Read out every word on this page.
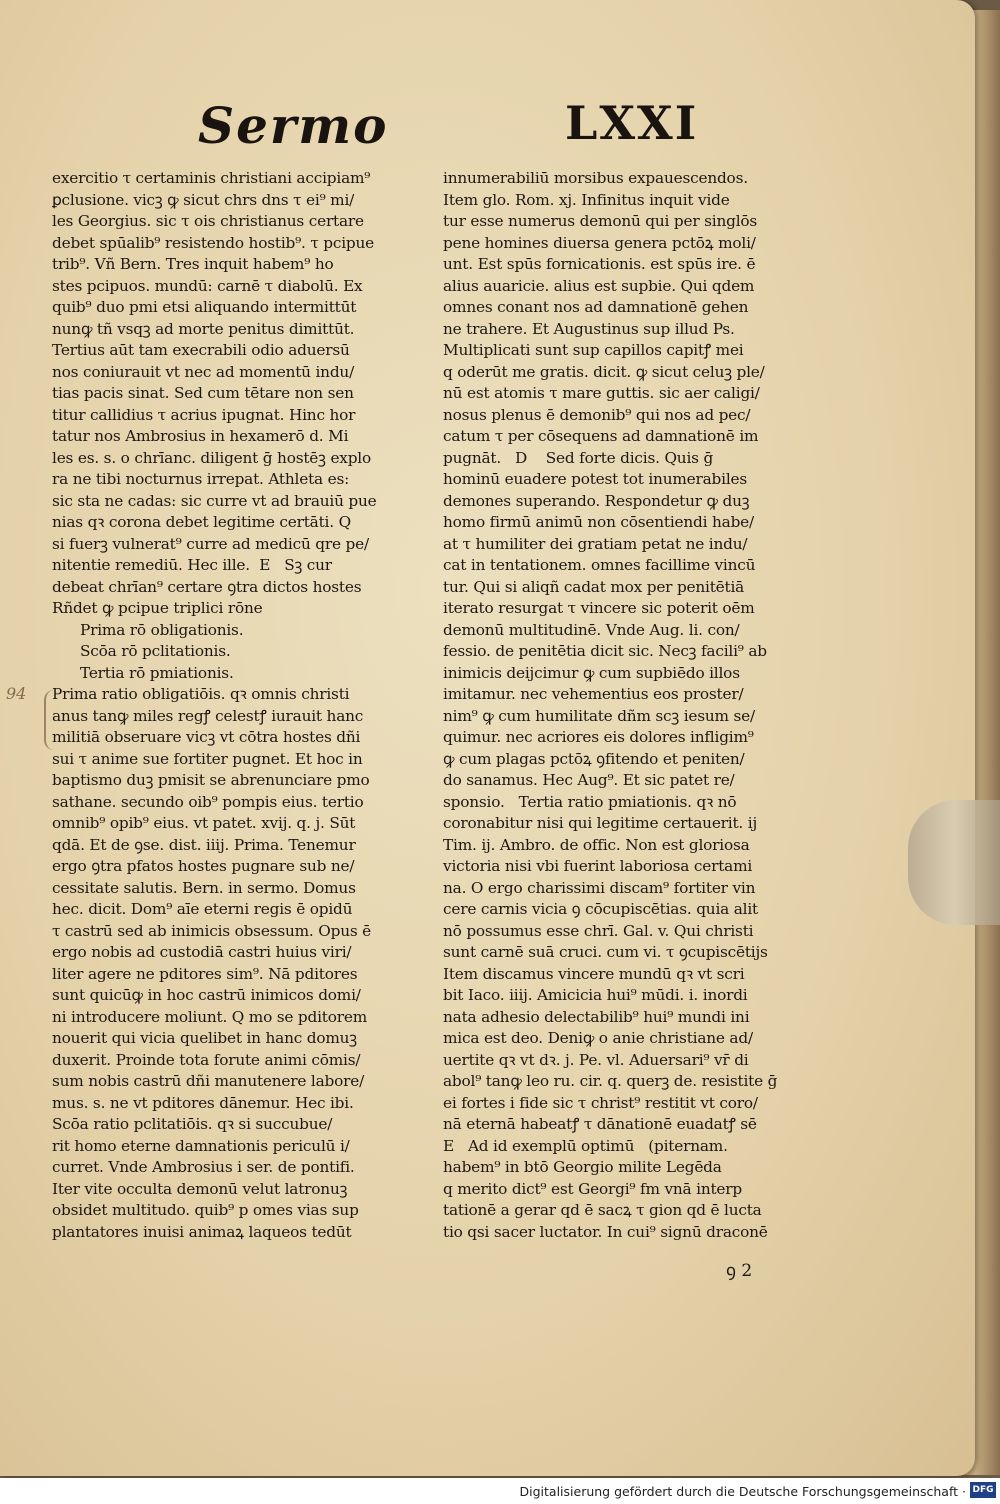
Sermo	LXXI
94
exercitio τ certaminis christiani accipiam⁹
ꝑclusione. vicꝫ ꝙ sicut chrs dns τ ei⁹ mi/
les Georgius. sic τ ois christianus certare
debet spūalib⁹ resistendo hostib⁹. τ pcipue
trib⁹. Vñ Bern. Tres inquit habem⁹ ho
stes pcipuos. mundū: carnē τ diabolū. Ex
quib⁹ duo pmi etsi aliquando intermittūt
nunꝙ tñ vsqꝫ ad morte penitus dimittūt.
Tertius aūt tam execrabili odio aduersū
nos coniurauit vt nec ad momentū indu/
tias pacis sinat. Sed cum tētare non sen
titur callidius τ acrius ipugnat. Hinc hor
tatur nos Ambrosius in hexamerō d. Mi
les es. s. o chrīanc. diligent ḡ hostēꝫ explo
ra ne tibi nocturnus irrepat. Athleta es:
sic sta ne cadas: sic curre vt ad brauiū pue
nias qꝛ corona debet legitime certāti. Q
si fuerꝫ vulnerat⁹ curre ad medicū qre pe/
nitentie remediū. Hec ille.  E   Sꝫ cur
debeat chrīan⁹ certare ꝯtra dictos hostes
Rñdet ꝙ pcipue triplici rōne
Prima rō obligationis.
Scōa rō pclitationis.
Tertia rō pmiationis.
Prima ratio obligatiōis. qꝛ omnis christi
anus tanꝙ miles regꝭ celestꝭ iurauit hanc
militiā obseruare vicꝫ vt cōtra hostes dñi
sui τ anime sue fortiter pugnet. Et hoc in
baptismo duꝫ pmisit se abrenunciare pmo
sathane. secundo oib⁹ pompis eius. tertio
omnib⁹ opib⁹ eius. vt patet. xvij. q. j. Sūt
qdā. Et de ꝯse. dist. iiij. Prima. Tenemur
ergo ꝯtra pfatos hostes pugnare sub ne/
cessitate salutis. Bern. in sermo. Domus
hec. dicit. Dom⁹ aīe eterni regis ē opidū
τ castrū sed ab inimicis obsessum. Opus ē
ergo nobis ad custodiā castri huius viri/
liter agere ne pditores sim⁹. Nā pditores
sunt quicūꝙ in hoc castrū inimicos domi/
ni introducere moliunt. Q mo se pditorem
nouerit qui vicia quelibet in hanc domuꝫ
duxerit. Proinde tota forute animi cōmis/
sum nobis castrū dñi manutenere labore/
mus. s. ne vt pditores dānemur. Hec ibi.
Scōa ratio pclitatiōis. qꝛ si succubue/
rit homo eterne damnationis periculū i/
curret. Vnde Ambrosius i ser. de pontifi.
Iter vite occulta demonū velut latronuꝫ
obsidet multitudo. quib⁹ p omes vias sup
plantatores inuisi animaꝝ laqueos tedūt
innumerabiliū morsibus expauescendos.
Item glo. Rom. xj. Infinitus inquit vide
tur esse numerus demonū qui per singlōs
pene homines diuersa genera pctōꝝ moli/
unt. Est spūs fornicationis. est spūs ire. ē
alius auaricie. alius est supbie. Qui qdem
omnes conant nos ad damnationē gehen
ne trahere. Et Augustinus sup illud Ps.
Multiplicati sunt sup capillos capitꝭ mei
q oderūt me gratis. dicit. ꝙ sicut celuꝫ ple/
nū est atomis τ mare guttis. sic aer caligi/
nosus plenus ē demonib⁹ qui nos ad pec/
catum τ per cōsequens ad damnationē im
pugnāt.   D    Sed forte dicis. Quis ḡ
hominū euadere potest tot inumerabiles
demones superando. Respondetur ꝙ duꝫ
homo firmū animū non cōsentiendi habe/
at τ humiliter dei gratiam petat ne indu/
cat in tentationem. omnes facillime vincū
tur. Qui si aliqñ cadat mox per penitētiā
iterato resurgat τ vincere sic poterit oēm
demonū multitudinē. Vnde Aug. li. con/
fessio. de penitētia dicit sic. Necꝫ facili⁹ ab
inimicis deijcimur ꝙ cum supbiēdo illos
imitamur. nec vehementius eos proster/
nim⁹ ꝙ cum humilitate dñm scꝫ iesum se/
quimur. nec acriores eis dolores infligim⁹
ꝙ cum plagas pctōꝝ ꝯfitendo et peniten/
do sanamus. Hec Aug⁹. Et sic patet re/
sponsio.   Tertia ratio pmiationis. qꝛ nō
coronabitur nisi qui legitime certauerit. ij
Tim. ij. Ambro. de offic. Non est gloriosa
victoria nisi vbi fuerint laboriosa certami
na. O ergo charissimi discam⁹ fortiter vin
cere carnis vicia ꝯ cōcupiscētias. quia alit
nō possumus esse chrī. Gal. v. Qui christi
sunt carnē suā cruci. cum vi. τ ꝯcupiscētijs
Item discamus vincere mundū qꝛ vt scri
bit Iaco. iiij. Amicicia hui⁹ mūdi. i. inordi
nata adhesio delectabilib⁹ hui⁹ mundi ini
mica est deo. Deniꝙ o anie christiane ad/
uertite qꝛ vt dꝛ. j. Pe. vl. Aduersari⁹ vr̄ di
abol⁹ tanꝙ leo ru. cir. q. querꝫ de. resistite ḡ
ei fortes i fide sic τ christ⁹ restitit vt coro/
nā eternā habeatꝭ τ dānationē euadatꝭ sē
E   Ad id exemplū optimū   (piternam.
habem⁹ in btō Georgio milite Legēda
q merito dict⁹ est Georgi⁹ fm vnā interp
tationē a gerar qd ē sacꝝ τ gion qd ē lucta
tio qsi sacer luctator. In cui⁹ signū draconē
ꝯ 2
Digitalisierung gefördert durch die Deutsche Forschungsgemeinschaft · DFG
